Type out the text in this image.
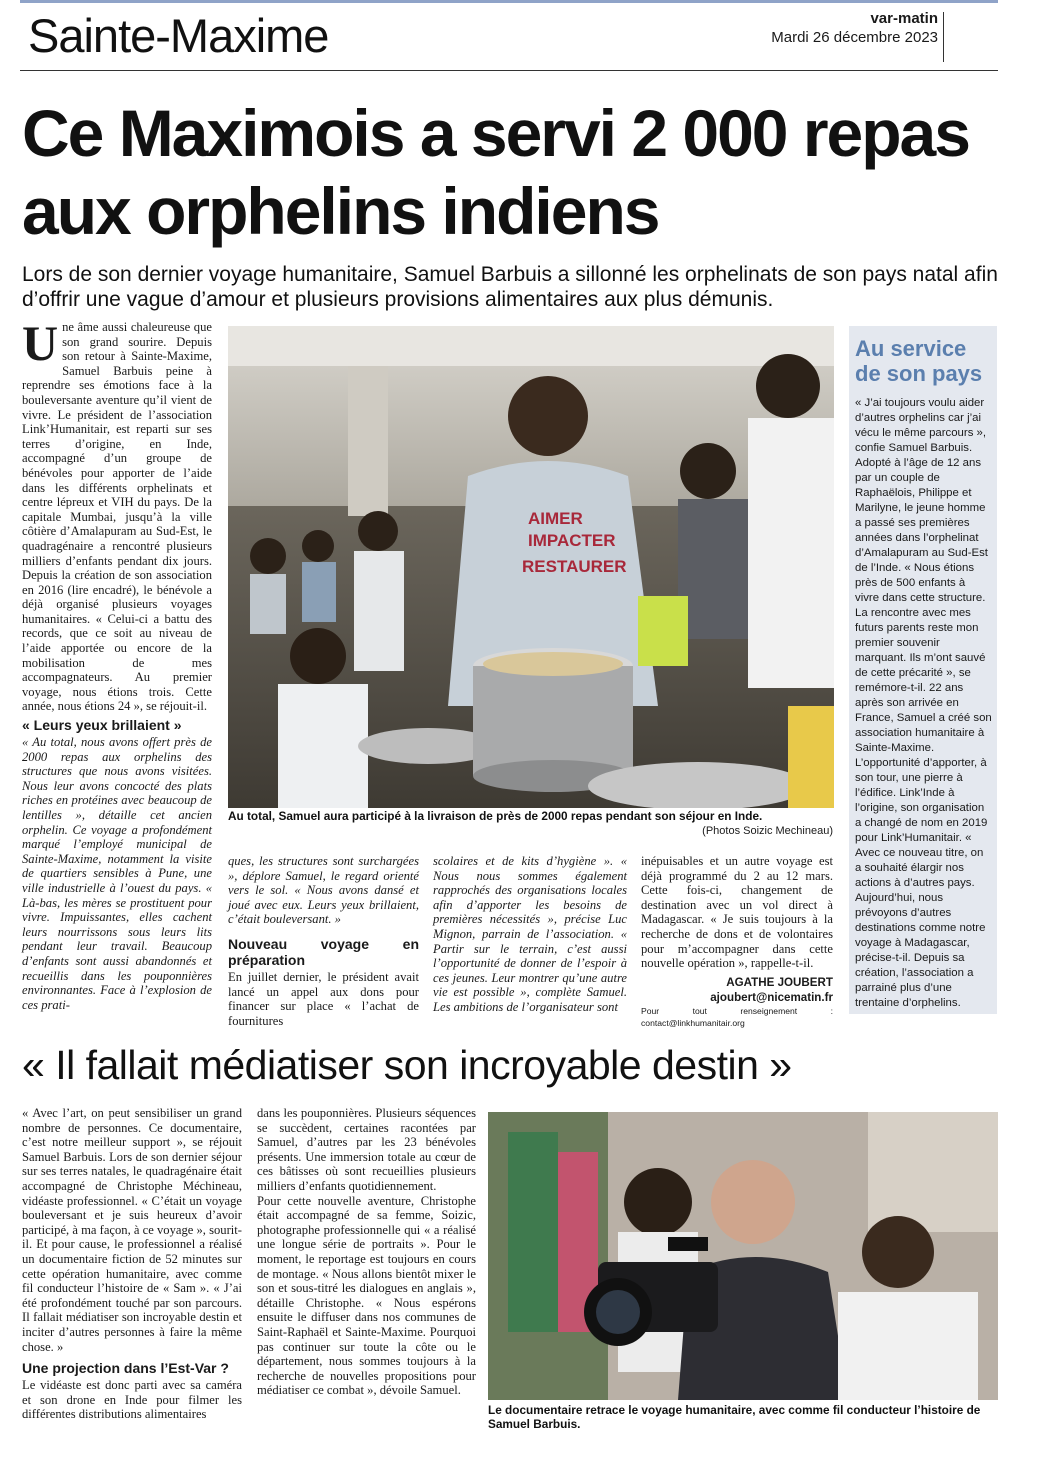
Sainte-Maxime	var-matin
Mardi 26 décembre 2023
Ce Maximois a servi 2 000 repas aux orphelins indiens
Lors de son dernier voyage humanitaire, Samuel Barbuis a sillonné les orphelinats de son pays natal afin d’offrir une vague d’amour et plusieurs provisions alimentaires aux plus démunis.
U ne âme aussi chaleureuse que son grand sourire. Depuis son retour à Sainte-Maxime, Samuel Barbuis peine à reprendre ses émotions face à la bouleversante aventure qu’il vient de vivre. Le président de l’association Link’Humanitair, est reparti sur ses terres d’origine, en Inde, accompagné d’un groupe de bénévoles pour apporter de l’aide dans les différents orphelinats et centre lépreux et VIH du pays. De la capitale Mumbai, jusqu’à la ville côtière d’Amalapuram au Sud-Est, le quadragénaire a rencontré plusieurs milliers d’enfants pendant dix jours. Depuis la création de son association en 2016 (lire encadré), le bénévole a déjà organisé plusieurs voyages humanitaires. « Celui-ci a battu des records, que ce soit au niveau de l’aide apportée ou encore de la mobilisation de mes accompagnateurs. Au premier voyage, nous étions trois. Cette année, nous étions 24 », se réjouit-il.

« Leurs yeux brillaient »

« Au total, nous avons offert près de 2000 repas aux orphelins des structures que nous avons visitées. Nous leur avons concocté des plats riches en protéines avec beaucoup de lentilles », détaille cet ancien orphelin. Ce voyage a profondément marqué l’employé municipal de Sainte-Maxime, notamment la visite de quartiers sensibles à Pune, une ville industrielle à l’ouest du pays. « Là-bas, les mères se prostituent pour vivre. Impuissantes, elles cachent leurs nourrissons sous leurs lits pendant leur travail. Beaucoup d’enfants sont aussi abandonnés et recueillis dans les pouponnières environnantes. Face à l’explosion de ces prati-

AIMER
IMPACTER
RESTAURER
Au total, Samuel aura participé à la livraison de près de 2000 repas pendant son séjour en Inde.
(Photos Soizic Mechineau)

ques, les structures sont surchargées », déplore Samuel, le regard orienté vers le sol. « Nous avons dansé et joué avec eux. Leurs yeux brillaient, c’était bouleversant. »

Nouveau voyage en préparation

En juillet dernier, le président avait lancé un appel aux dons pour financer sur place « l’achat de fournitures

scolaires et de kits d’hygiène ». « Nous nous sommes également rapprochés des organisations locales afin d’apporter les besoins de premières nécessités », précise Luc Mignon, parrain de l’association. « Partir sur le terrain, c’est aussi l’opportunité de donner de l’espoir à ces jeunes. Leur montrer qu’une autre vie est possible », complète Samuel. Les ambitions de l’organisateur sont

inépuisables et un autre voyage est déjà programmé du 2 au 12 mars. Cette fois-ci, changement de destination avec un vol direct à Madagascar. « Je suis toujours à la recherche de dons et de volontaires pour m’accompagner dans cette nouvelle opération », rappelle-t-il.

AGATHE JOUBERT
ajoubert@nicematin.fr
Pour tout renseignement : contact@linkhumanitair.org
Au service de son pays
« J’ai toujours voulu aider d’autres orphelins car j’ai vécu le même parcours », confie Samuel Barbuis. Adopté à l’âge de 12 ans par un couple de Raphaëlois, Philippe et Marilyne, le jeune homme a passé ses premières années dans l’orphelinat d’Amalapuram au Sud-Est de l’Inde. « Nous étions près de 500 enfants à vivre dans cette structure. La rencontre avec mes futurs parents reste mon premier souvenir marquant. Ils m’ont sauvé de cette précarité », se remémore-t-il. 22 ans après son arrivée en France, Samuel a créé son association humanitaire à Sainte-Maxime. L’opportunité d’apporter, à son tour, une pierre à l’édifice. Link’Inde à l’origine, son organisation a changé de nom en 2019 pour Link’Humanitair. « Avec ce nouveau titre, on a souhaité élargir nos actions à d’autres pays. Aujourd’hui, nous prévoyons d’autres destinations comme notre voyage à Madagascar, précise-t-il. Depuis sa création, l’association a parrainé plus d’une trentaine d’orphelins.
« Il fallait médiatiser son incroyable destin »

« Avec l’art, on peut sensibiliser un grand nombre de personnes. Ce documentaire, c’est notre meilleur support », se réjouit Samuel Barbuis. Lors de son dernier séjour sur ses terres natales, le quadragénaire était accompagné de Christophe Méchineau, vidéaste professionnel. « C’était un voyage bouleversant et je suis heureux d’avoir participé, à ma façon, à ce voyage », sourit-il. Et pour cause, le professionnel a réalisé un documentaire fiction de 52 minutes sur cette opération humanitaire, avec comme fil conducteur l’histoire de « Sam ». « J’ai été profondément touché par son parcours. Il fallait médiatiser son incroyable destin et inciter d’autres personnes à faire la même chose. »

Une projection dans l’Est-Var ?

Le vidéaste est donc parti avec sa caméra et son drone en Inde pour filmer les différentes distributions alimentaires

dans les pouponnières. Plusieurs séquences se succèdent, certaines racontées par Samuel, d’autres par les 23 bénévoles présents. Une immersion totale au cœur de ces bâtisses où sont recueillies plusieurs milliers d’enfants quotidiennement.

Pour cette nouvelle aventure, Christophe était accompagné de sa femme, Soizic, photographe professionnelle qui « a réalisé une longue série de portraits ». Pour le moment, le reportage est toujours en cours de montage. « Nous allons bientôt mixer le son et sous-titré les dialogues en anglais », détaille Christophe. « Nous espérons ensuite le diffuser dans nos communes de Saint-Raphaël et Sainte-Maxime. Pourquoi pas continuer sur toute la côte ou le département, nous sommes toujours à la recherche de nouvelles propositions pour médiatiser ce combat », dévoile Samuel.

Le documentaire retrace le voyage humanitaire, avec comme fil conducteur l’histoire de Samuel Barbuis.
